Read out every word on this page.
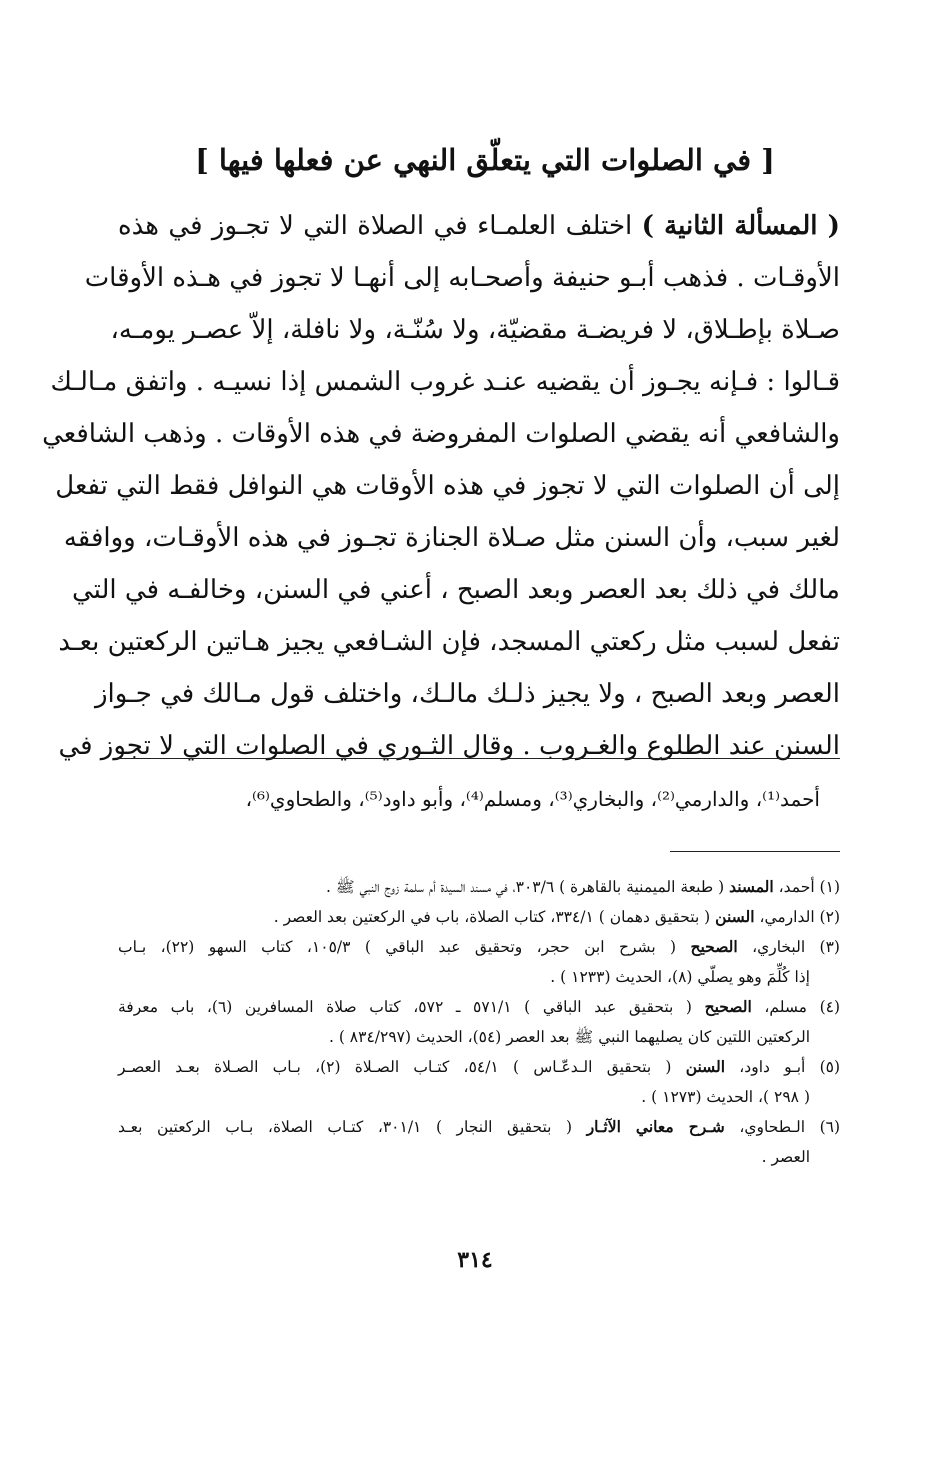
[ في الصلوات التي يتعلّق النهي عن فعلها فيها ]
( المسألة الثانية ) اختلف العلمـاء في الصلاة التي لا تجـوز في هذه
الأوقـات . فذهب أبـو حنيفة وأصحـابه إلى أنهـا لا تجوز في هـذه الأوقات
صـلاة بإطـلاق، لا فريضـة مقضيّة، ولا سُنّـة، ولا نافلة، إلاّ عصـر يومـه،
قـالوا : فـإنه يجـوز أن يقضيه عنـد غروب الشمس إذا نسيـه . واتفق مـالـك
والشافعي أنه يقضي الصلوات المفروضة في هذه الأوقات . وذهب الشافعي
إلى أن الصلوات التي لا تجوز في هذه الأوقات هي النوافل فقط التي تفعل
لغير سبب، وأن السنن مثل صـلاة الجنازة تجـوز في هذه الأوقـات، ووافقه
مالك في ذلك بعد العصر وبعد الصبح ، أعني في السنن، وخالفـه في التي
تفعل لسبب مثل ركعتي المسجد، فإن الشـافعي يجيز هـاتين الركعتين بعـد
العصر وبعد الصبح ، ولا يجيز ذلـك مالـك، واختلف قول مـالك في جـواز
السنن عند الطلوع والغـروب . وقال الثـوري في الصلوات التي لا تجوز في
أحمد⁽¹⁾، والدارمي⁽²⁾، والبخاري⁽³⁾، ومسلم⁽⁴⁾، وأبو داود⁽⁵⁾، والطحاوي⁽⁶⁾،
(١) أحمد، المسند ( طبعة الميمنية بالقاهرة ) ٣٠٣/٦، في مسند السيدة أم سلمة زوج النبي ﷺ .
(٢) الدارمي، السنن ( بتحقيق دهمان ) ٣٣٤/١، كتاب الصلاة، باب في الركعتين بعد العصر .
(٣) البخاري، الصحيح ( بشرح ابن حجر، وتحقيق عبد الباقي ) ١٠٥/٣، كتاب السهو (٢٢)، بـاب
إذا كُلِّمَ وهو يصلّي (٨)، الحديث (١٢٣٣ ) .
(٤) مسلم، الصحيح ( بتحقيق عبد الباقي ) ٥٧١/١ ـ ٥٧٢، كتاب صلاة المسافرين (٦)، باب معرفة
الركعتين اللتين كان يصليهما النبي ﷺ بعد العصر (٥٤)، الحديث (٨٣٤/٢٩٧ ) .
(٥) أبـو داود، السنن ( بتحقيق الـدعّـاس ) ٥٤/١، كتـاب الصـلاة (٢)، بـاب الصـلاة بعـد العصـر
( ٢٩٨ )، الحديث (١٢٧٣ ) .
(٦) الـطحاوي، شـرح معاني الآثـار ( بتحقيق النجار ) ٣٠١/١، كتـاب الصلاة، بـاب الركعتين بعـد
العصر .
٣١٤
